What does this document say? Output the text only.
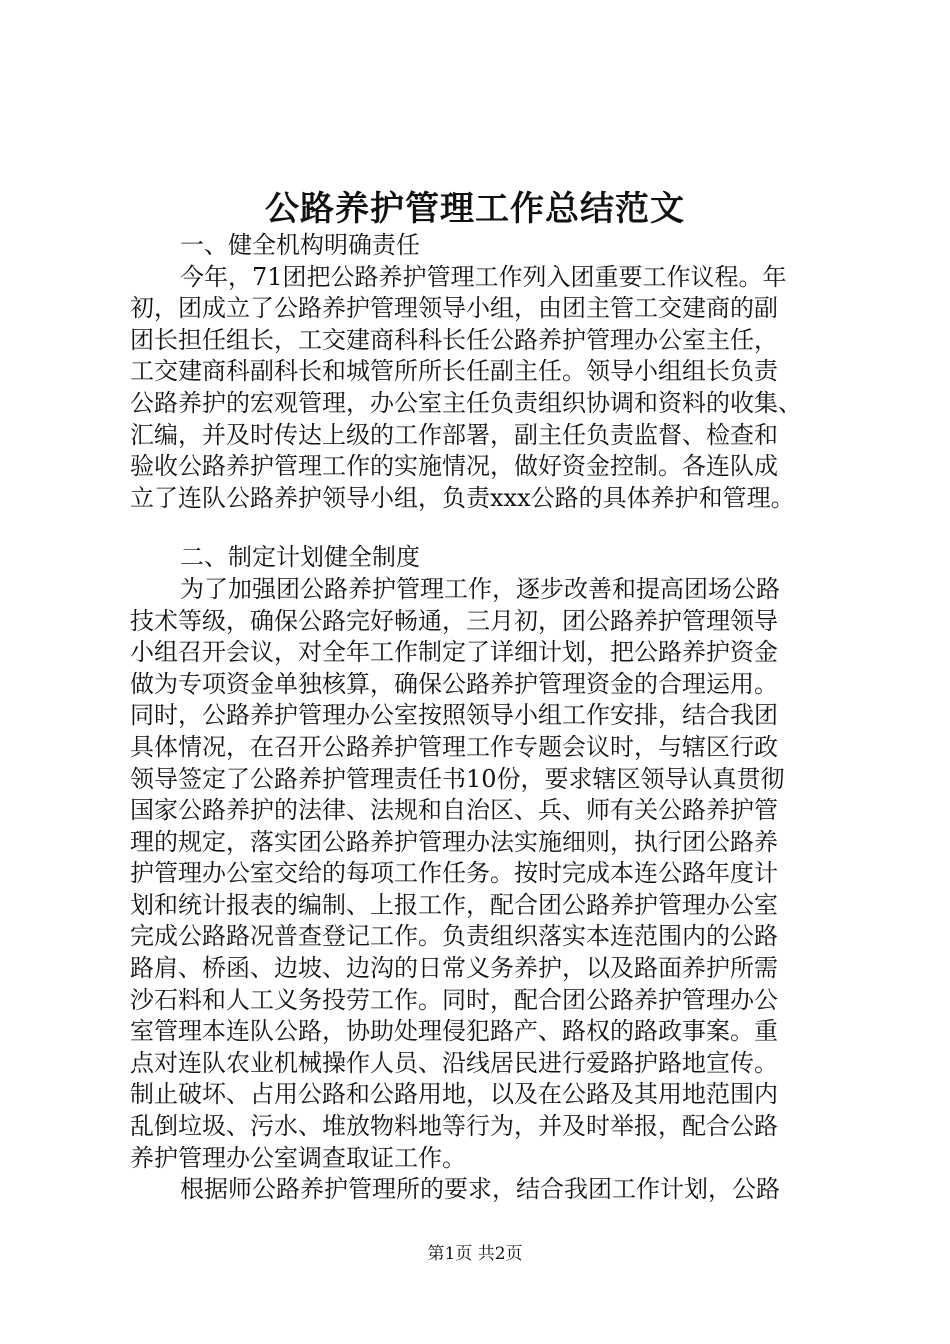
公路养护管理工作总结范文
一、健全机构明确责任
今年，71团把公路养护管理工作列入团重要工作议程。年
初，团成立了公路养护管理领导小组，由团主管工交建商的副
团长担任组长，工交建商科科长任公路养护管理办公室主任，
工交建商科副科长和城管所所长任副主任。领导小组组长负责
公路养护的宏观管理，办公室主任负责组织协调和资料的收集、
汇编，并及时传达上级的工作部署，副主任负责监督、检查和
验收公路养护管理工作的实施情况，做好资金控制。各连队成
立了连队公路养护领导小组，负责xxx公路的具体养护和管理。
二、制定计划健全制度
为了加强团公路养护管理工作，逐步改善和提高团场公路
技术等级，确保公路完好畅通，三月初，团公路养护管理领导
小组召开会议，对全年工作制定了详细计划，把公路养护资金
做为专项资金单独核算，确保公路养护管理资金的合理运用。
同时，公路养护管理办公室按照领导小组工作安排，结合我团
具体情况，在召开公路养护管理工作专题会议时，与辖区行政
领导签定了公路养护管理责任书10份，要求辖区领导认真贯彻
国家公路养护的法律、法规和自治区、兵、师有关公路养护管
理的规定，落实团公路养护管理办法实施细则，执行团公路养
护管理办公室交给的每项工作任务。按时完成本连公路年度计
划和统计报表的编制、上报工作，配合团公路养护管理办公室
完成公路路况普查登记工作。负责组织落实本连范围内的公路
路肩、桥函、边坡、边沟的日常义务养护，以及路面养护所需
沙石料和人工义务投劳工作。同时，配合团公路养护管理办公
室管理本连队公路，协助处理侵犯路产、路权的路政事案。重
点对连队农业机械操作人员、沿线居民进行爱路护路地宣传。
制止破坏、占用公路和公路用地，以及在公路及其用地范围内
乱倒垃圾、污水、堆放物料地等行为，并及时举报，配合公路
养护管理办公室调查取证工作。
根据师公路养护管理所的要求，结合我团工作计划，公路
第1页 共2页
